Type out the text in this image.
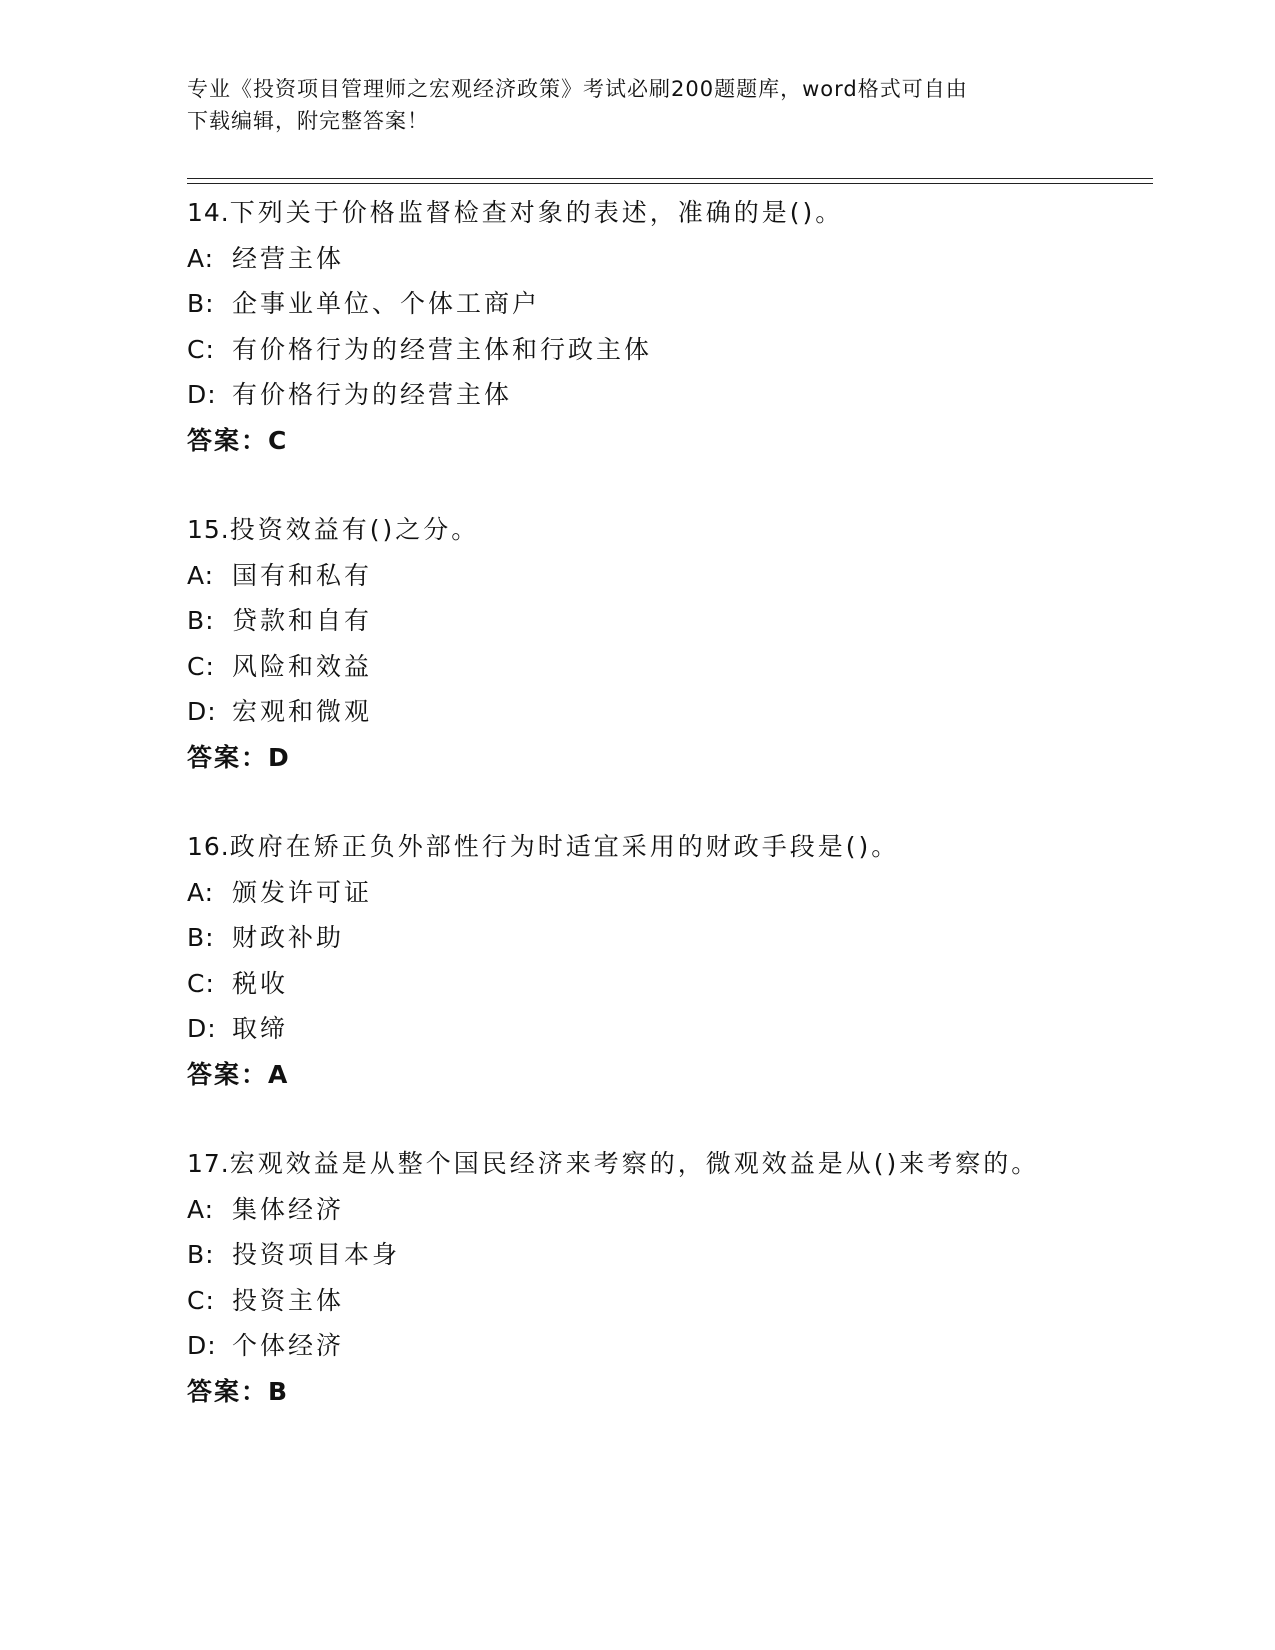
专业《投资项目管理师之宏观经济政策》考试必刷200题题库，word格式可自由
下载编辑，附完整答案！
14.下列关于价格监督检查对象的表述，准确的是()。
A: 经营主体
B: 企事业单位、个体工商户
C: 有价格行为的经营主体和行政主体
D: 有价格行为的经营主体
答案：C
15.投资效益有()之分。
A: 国有和私有
B: 贷款和自有
C: 风险和效益
D: 宏观和微观
答案：D
16.政府在矫正负外部性行为时适宜采用的财政手段是()。
A: 颁发许可证
B: 财政补助
C: 税收
D: 取缔
答案：A
17.宏观效益是从整个国民经济来考察的，微观效益是从()来考察的。
A: 集体经济
B: 投资项目本身
C: 投资主体
D: 个体经济
答案：B
